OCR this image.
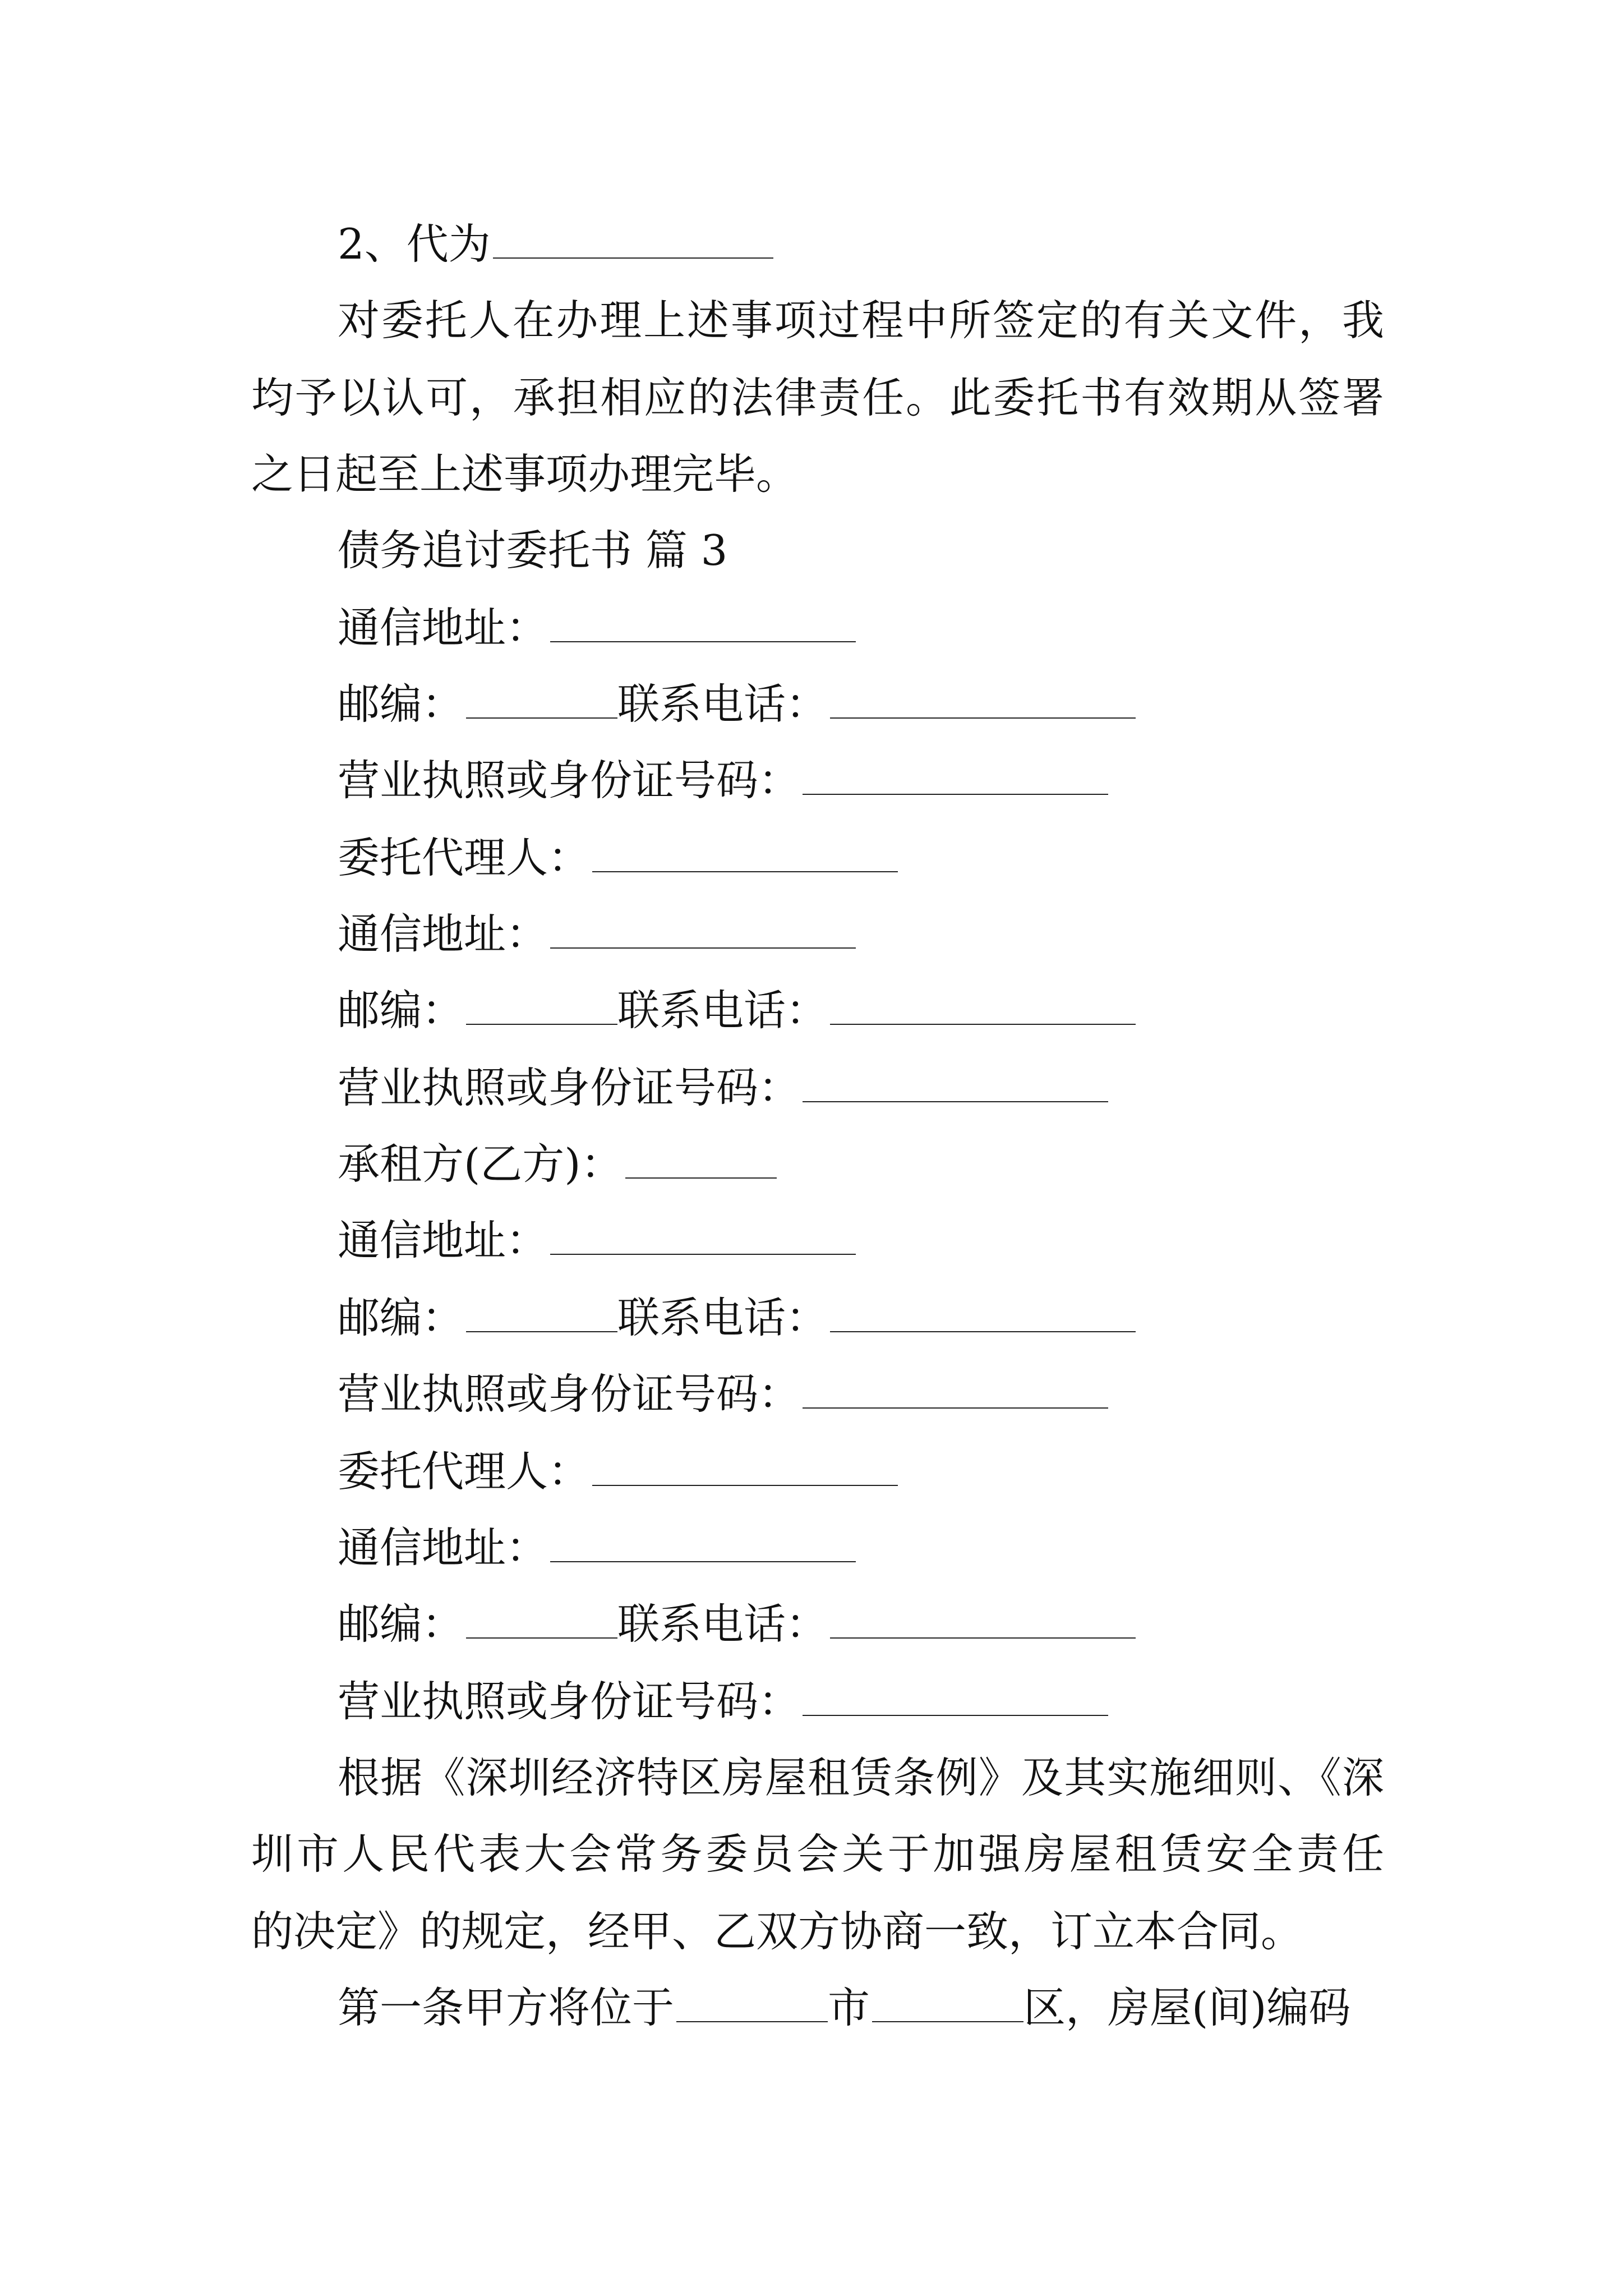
2、代为
对委托人在办理上述事项过程中所签定的有关文件，我
均予以认可，承担相应的法律责任。此委托书有效期从签署
之日起至上述事项办理完毕。
债务追讨委托书 篇 3
通信地址：
邮编：	联系电话：
营业执照或身份证号码：
委托代理人：
通信地址：
邮编：	联系电话：
营业执照或身份证号码：
承租方(乙方)：
通信地址：
邮编：	联系电话：
营业执照或身份证号码：
委托代理人：
通信地址：
邮编：	联系电话：
营业执照或身份证号码：
根据《深圳经济特区房屋租赁条例》及其实施细则、《深
圳市人民代表大会常务委员会关于加强房屋租赁安全责任
的决定》的规定，经甲、乙双方协商一致，订立本合同。
第一条甲方将位于	市	区，房屋(间)编码
